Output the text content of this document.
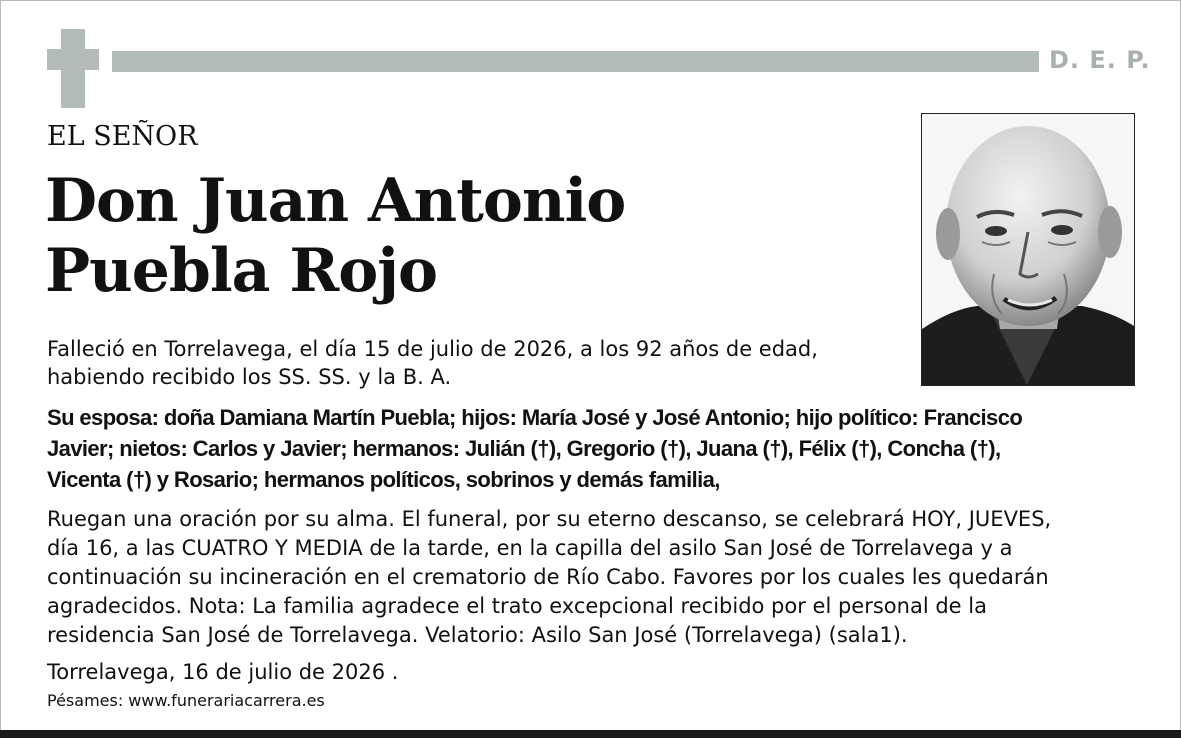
D. E. P.
EL SEÑOR
Don Juan Antonio
Puebla Rojo
Falleció en Torrelavega, el día 15 de julio de 2026, a los 92 años de edad,
habiendo recibido los SS. SS. y la B. A.
Su esposa: doña Damiana Martín Puebla; hijos: María José y José Antonio; hijo político: Francisco
Javier; nietos: Carlos y Javier; hermanos: Julián (†), Gregorio (†), Juana (†), Félix (†), Concha (†),
Vicenta (†) y Rosario; hermanos políticos, sobrinos y demás familia,
Ruegan una oración por su alma. El funeral, por su eterno descanso, se celebrará HOY, JUEVES,
día 16, a las CUATRO Y MEDIA de la tarde, en la capilla del asilo San José de Torrelavega y a
continuación su incineración en el crematorio de Río Cabo. Favores por los cuales les quedarán
agradecidos. Nota: La familia agradece el trato excepcional recibido por el personal de la
residencia San José de Torrelavega. Velatorio: Asilo San José (Torrelavega) (sala1).
Torrelavega, 16 de julio de 2026 .
Pésames: www.funerariacarrera.es
